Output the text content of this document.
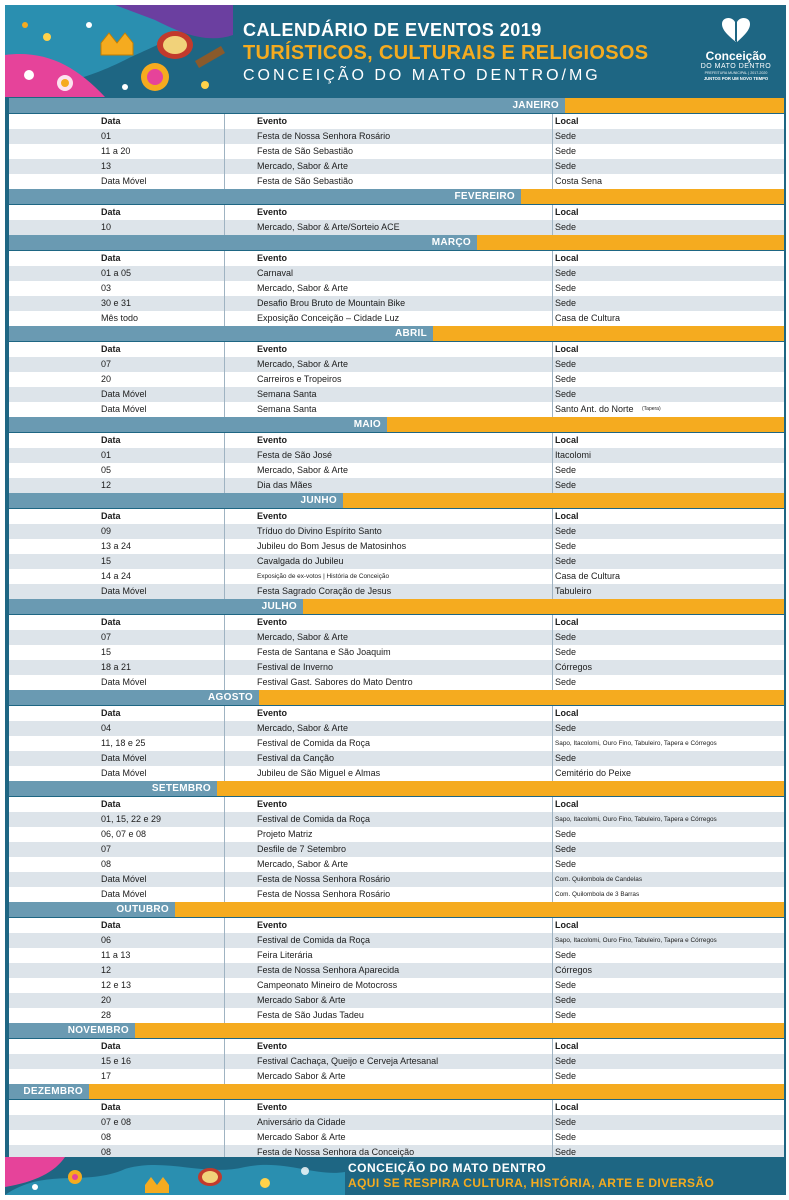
CALENDÁRIO DE EVENTOS 2019
TURÍSTICOS, CULTURAIS E RELIGIOSOS
CONCEIÇÃO DO MATO DENTRO/MG
Conceição
DO MATO DENTRO
PREFEITURA MUNICIPAL | 2017-2020
JUNTOS POR UM NOVO TEMPO
JANEIRO
Data	Evento	Local
01	Festa de Nossa Senhora Rosário	Sede
11 a 20	Festa de São Sebastião	Sede
13	Mercado, Sabor & Arte	Sede
Data Móvel	Festa de São Sebastião	Costa Sena
FEVEREIRO
Data	Evento	Local
10	Mercado, Sabor & Arte/Sorteio ACE	Sede
MARÇO
Data	Evento	Local
01 a 05	Carnaval	Sede
03	Mercado, Sabor & Arte	Sede
30 e 31	Desafio Brou Bruto de Mountain Bike	Sede
Mês todo	Exposição Conceição – Cidade Luz	Casa de Cultura
ABRIL
Data	Evento	Local
07	Mercado, Sabor & Arte	Sede
20	Carreiros e Tropeiros	Sede
Data Móvel	Semana Santa	Sede
Data Móvel	Semana Santa	Santo Ant. do Norte (Tapera)
MAIO
Data	Evento	Local
01	Festa de São José	Itacolomi
05	Mercado, Sabor & Arte	Sede
12	Dia das Mães	Sede
JUNHO
Data	Evento	Local
09	Tríduo do Divino Espírito Santo	Sede
13 a 24	Jubileu do Bom Jesus de Matosinhos	Sede
15	Cavalgada do Jubileu	Sede
14 a 24	Exposição de ex-votos | História de Conceição	Casa de Cultura
Data Móvel	Festa Sagrado Coração de Jesus	Tabuleiro
JULHO
Data	Evento	Local
07	Mercado, Sabor & Arte	Sede
15	Festa de Santana e São Joaquim	Sede
18 a 21	Festival de Inverno	Córregos
Data Móvel	Festival Gast. Sabores do Mato Dentro	Sede
AGOSTO
Data	Evento	Local
04	Mercado, Sabor & Arte	Sede
11, 18 e 25	Festival de Comida da Roça	Sapo, Itacolomi, Ouro Fino, Tabuleiro, Tapera e Córregos
Data Móvel	Festival da Canção	Sede
Data Móvel	Jubileu de São Miguel e Almas	Cemitério do Peixe
SETEMBRO
Data	Evento	Local
01, 15, 22 e 29	Festival de Comida da Roça	Sapo, Itacolomi, Ouro Fino, Tabuleiro, Tapera e Córregos
06, 07 e 08	Projeto Matriz	Sede
07	Desfile de 7 Setembro	Sede
08	Mercado, Sabor & Arte	Sede
Data Móvel	Festa de Nossa Senhora Rosário	Com. Quilombola de Candelas
Data Móvel	Festa de Nossa Senhora Rosário	Com. Quilombola de 3 Barras
OUTUBRO
Data	Evento	Local
06	Festival de Comida da Roça	Sapo, Itacolomi, Ouro Fino, Tabuleiro, Tapera e Córregos
11 a 13	Feira Literária	Sede
12	Festa de Nossa Senhora Aparecida	Córregos
12 e 13	Campeonato Mineiro de Motocross	Sede
20	Mercado Sabor & Arte	Sede
28	Festa de São Judas Tadeu	Sede
NOVEMBRO
Data	Evento	Local
15 e 16	Festival Cachaça, Queijo e Cerveja Artesanal	Sede
17	Mercado Sabor & Arte	Sede
DEZEMBRO
Data	Evento	Local
07 e 08	Aniversário da Cidade	Sede
08	Mercado Sabor & Arte	Sede
08	Festa de Nossa Senhora da Conceição	Sede
CONCEIÇÃO DO MATO DENTRO
AQUI SE RESPIRA CULTURA, HISTÓRIA, ARTE E DIVERSÃO
